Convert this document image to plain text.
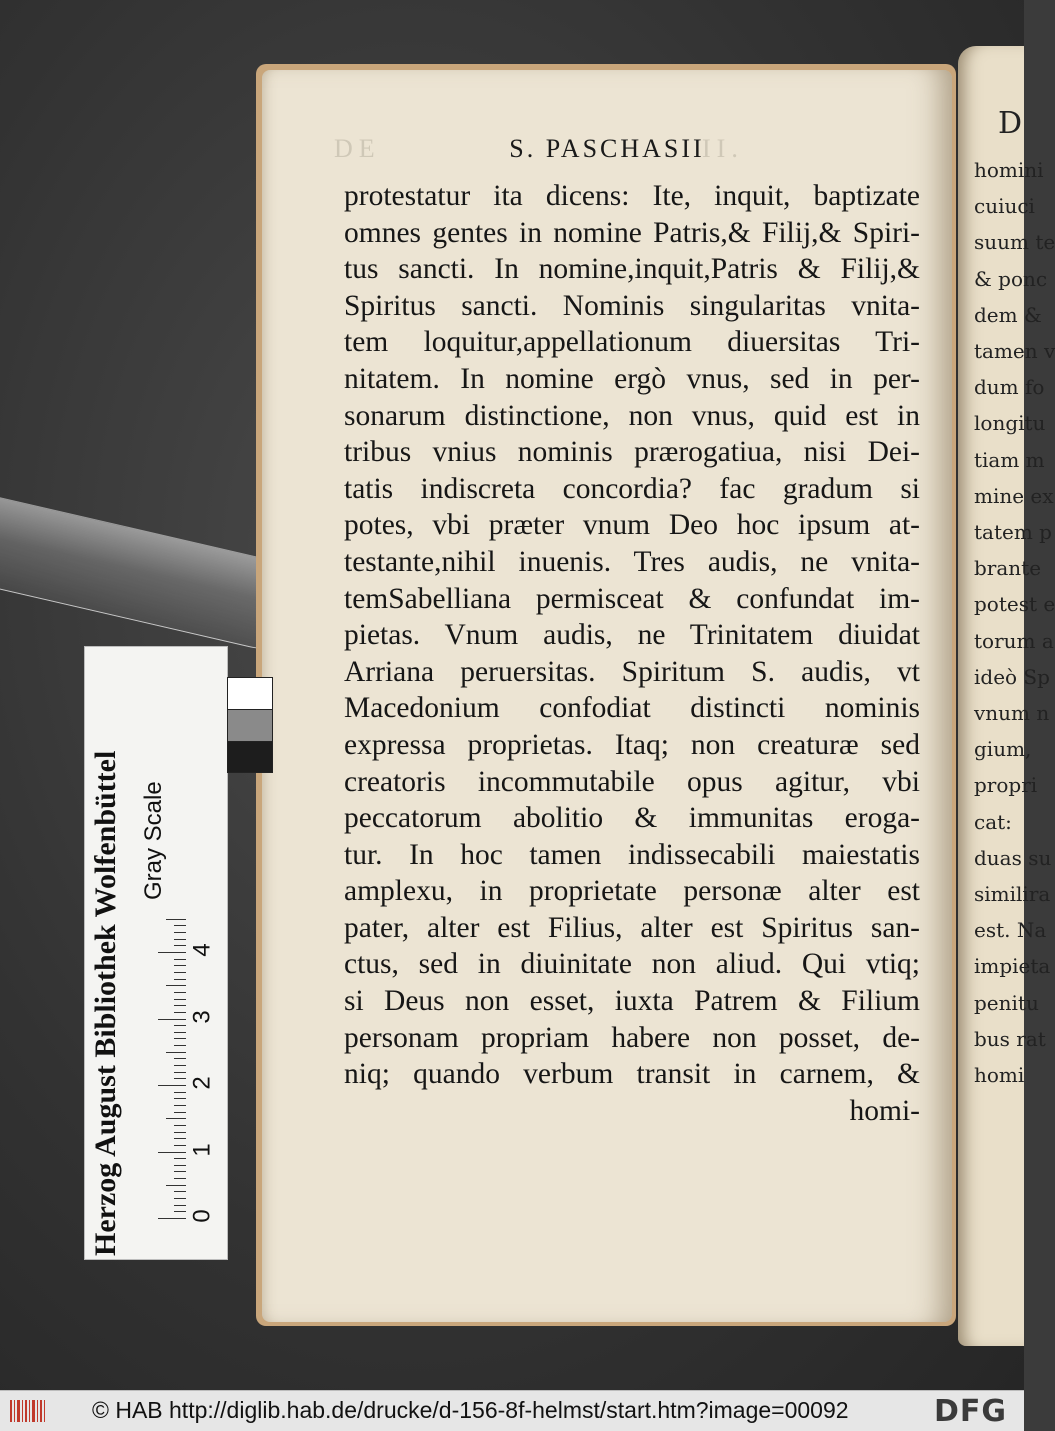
D
homini
cuiuci
suum te
& ponc
dem &
tamen v
dum fo
longitu
tiam m
mine ex
tatem p
brante
potest e
torum a
ideò Sp
vnum n
gium,
propri
cat:
duas su
similira
est. Na
impieta
penitu
bus rat
homi
DE	S. PASCHASII
II.
protestatur ita dicens: Ite, inquit, baptizate
omnes gentes in nomine Patris,& Filij,& Spiri-
tus sancti. In nomine,inquit,Patris & Filij,&
Spiritus sancti. Nominis singularitas vnita-
tem loquitur,appellationum diuersitas Tri-
nitatem. In nomine ergò vnus, sed in per-
sonarum distinctione, non vnus, quid est in
tribus vnius nominis prærogatiua, nisi Dei-
tatis indiscreta concordia? fac gradum si
potes, vbi præter vnum Deo hoc ipsum at-
testante,nihil inuenis. Tres audis, ne vnita-
temSabelliana permisceat & confundat im-
pietas. Vnum audis, ne Trinitatem diuidat
Arriana peruersitas. Spiritum S. audis, vt
Macedonium confodiat distincti nominis
expressa proprietas. Itaq; non creaturæ sed
creatoris incommutabile opus agitur, vbi
peccatorum abolitio & immunitas eroga-
tur. In hoc tamen indissecabili maiestatis
amplexu, in proprietate personæ alter est
pater, alter est Filius, alter est Spiritus san-
ctus, sed in diuinitate non aliud. Qui vtiq;
si Deus non esset, iuxta Patrem & Filium
personam propriam habere non posset, de-
niq; quando verbum transit in carnem, &
homi-
Herzog August Bibliothek Wolfenbüttel Gray Scale
0
1
2
3
4
© HAB http://diglib.hab.de/drucke/d-156-8f-helmst/start.htm?image=00092	DFG
